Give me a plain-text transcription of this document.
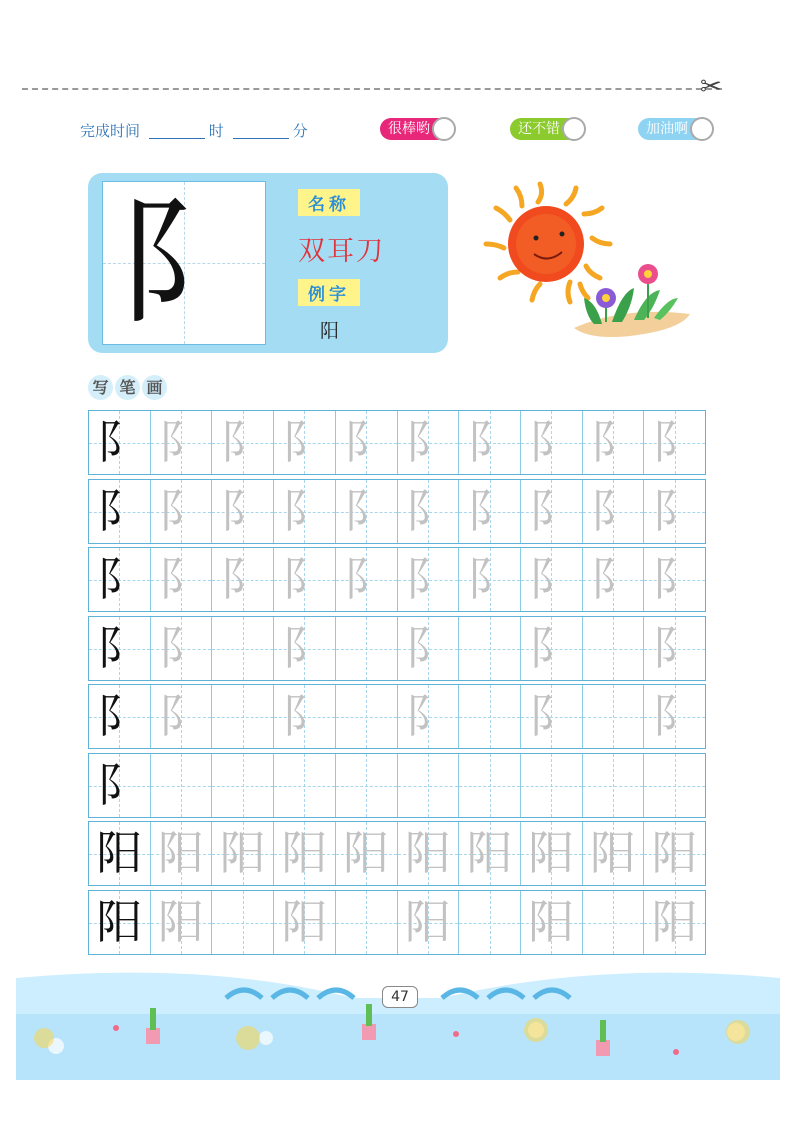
✂
完成时间	时	分	很棒哟	还不错	加油啊
阝	名称
双耳刀
例字
阳
写 笔 画
阝 阝 阝 阝 阝 阝 阝 阝 阝 阝
阝 阝 阝 阝 阝 阝 阝 阝 阝 阝
阝 阝 阝 阝 阝 阝 阝 阝 阝 阝
阝 阝 阝 阝 阝 阝
阝 阝 阝 阝 阝 阝
阝
阳 阳 阳 阳 阳 阳 阳 阳 阳 阳
阳 阳 阳 阳 阳 阳
47
